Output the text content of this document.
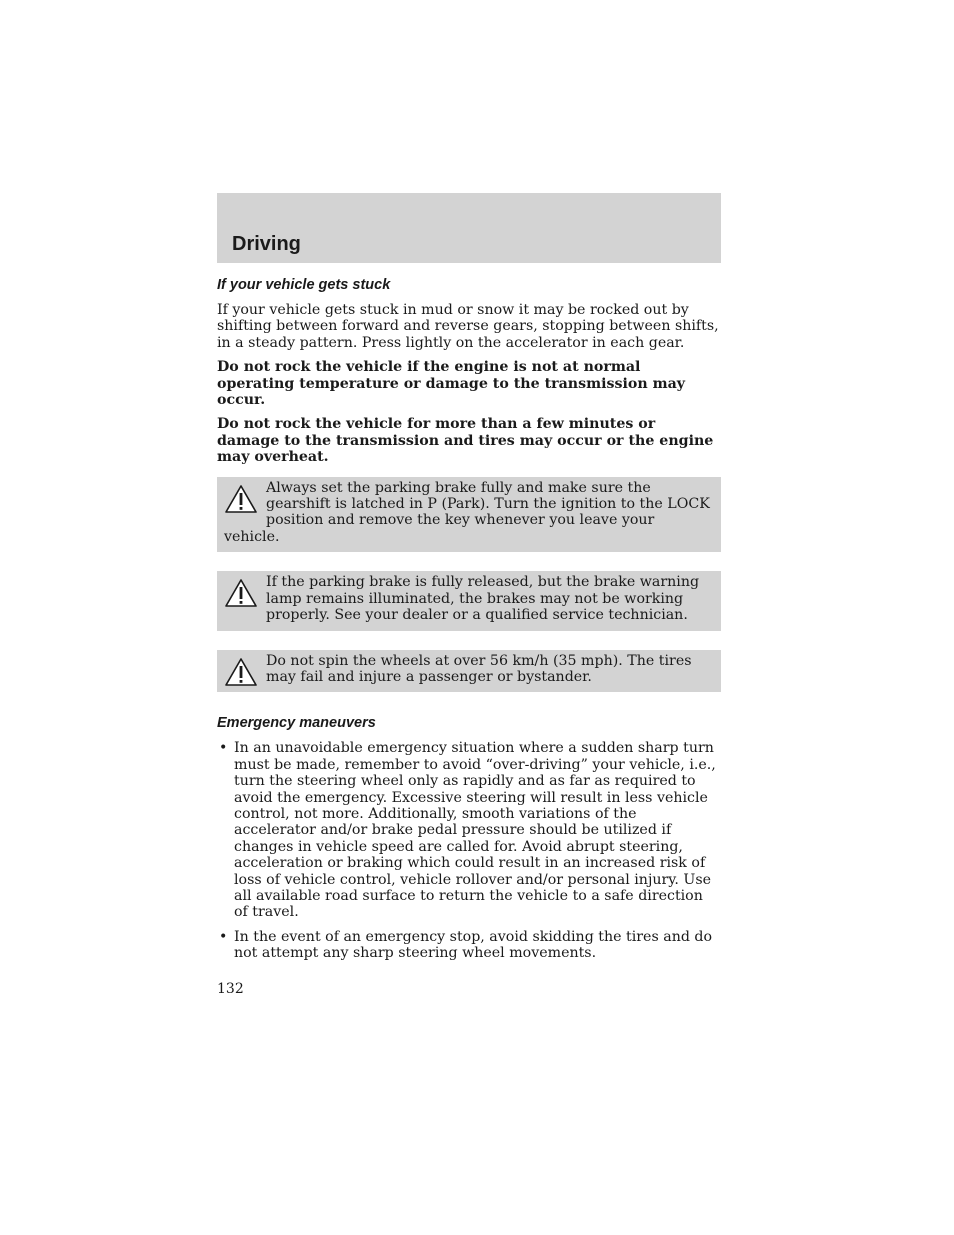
Driving
If your vehicle gets stuck

If your vehicle gets stuck in mud or snow it may be rocked out by shifting between forward and reverse gears, stopping between shifts, in a steady pattern. Press lightly on the accelerator in each gear.

Do not rock the vehicle if the engine is not at normal operating temperature or damage to the transmission may occur.

Do not rock the vehicle for more than a few minutes or damage to the transmission and tires may occur or the engine may overheat.

Always set the parking brake fully and make sure the gearshift is latched in P (Park). Turn the ignition to the LOCK position and remove the key whenever you leave your vehicle.
If the parking brake is fully released, but the brake warning lamp remains illuminated, the brakes may not be working properly. See your dealer or a qualified service technician.
Do not spin the wheels at over 56 km/h (35 mph). The tires may fail and injure a passenger or bystander.
Emergency maneuvers
• In an unavoidable emergency situation where a sudden sharp turn must be made, remember to avoid “over-driving” your vehicle, i.e., turn the steering wheel only as rapidly and as far as required to avoid the emergency. Excessive steering will result in less vehicle control, not more. Additionally, smooth variations of the accelerator and/or brake pedal pressure should be utilized if changes in vehicle speed are called for. Avoid abrupt steering, acceleration or braking which could result in an increased risk of loss of vehicle control, vehicle rollover and/or personal injury. Use all available road surface to return the vehicle to a safe direction of travel.
• In the event of an emergency stop, avoid skidding the tires and do not attempt any sharp steering wheel movements.
132
